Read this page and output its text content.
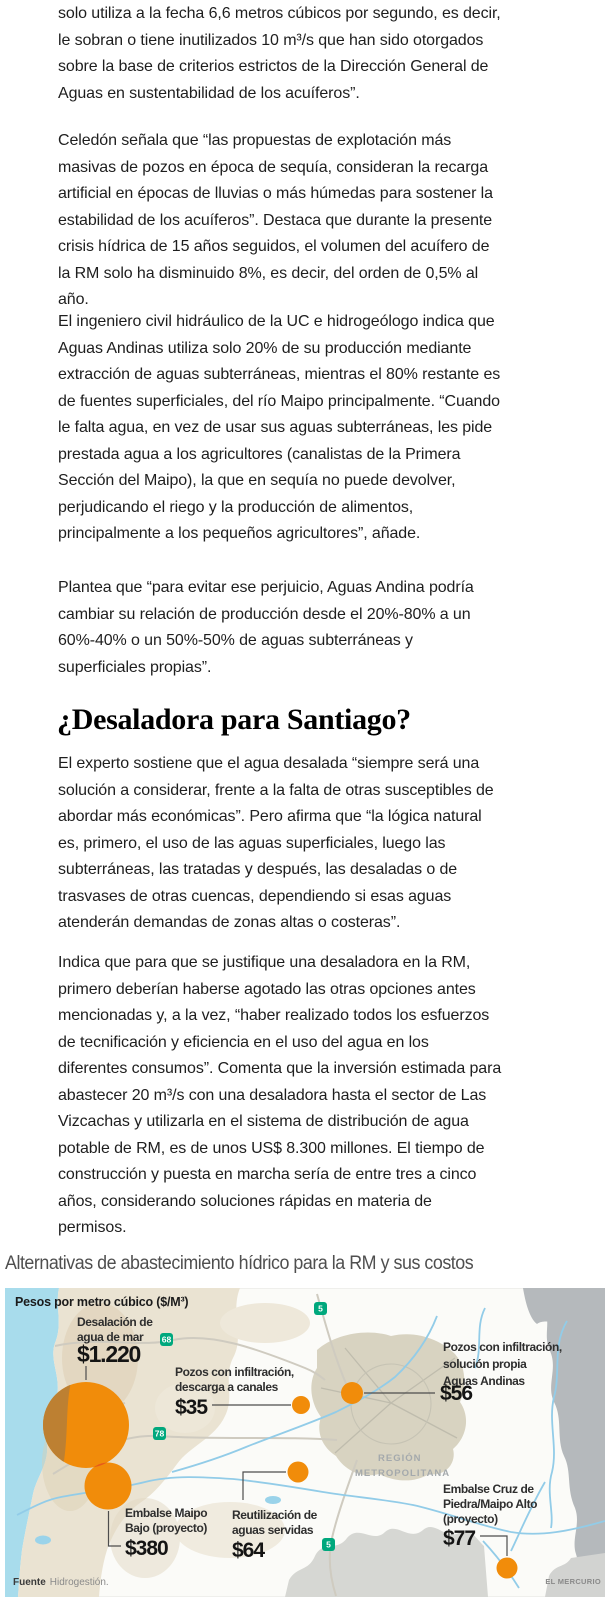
solo utiliza a la fecha 6,6 metros cúbicos por segundo, es decir,
le sobran o tiene inutilizados 10 m³/s que han sido otorgados
sobre la base de criterios estrictos de la Dirección General de
Aguas en sustentabilidad de los acuíferos”.
Celedón señala que “las propuestas de explotación más
masivas de pozos en época de sequía, consideran la recarga
artificial en épocas de lluvias o más húmedas para sostener la
estabilidad de los acuíferos”. Destaca que durante la presente
crisis hídrica de 15 años seguidos, el volumen del acuífero de
la RM solo ha disminuido 8%, es decir, del orden de 0,5% al
año.
El ingeniero civil hidráulico de la UC e hidrogeólogo indica que
Aguas Andinas utiliza solo 20% de su producción mediante
extracción de aguas subterráneas, mientras el 80% restante es
de fuentes superficiales, del río Maipo principalmente. “Cuando
le falta agua, en vez de usar sus aguas subterráneas, les pide
prestada agua a los agricultores (canalistas de la Primera
Sección del Maipo), la que en sequía no puede devolver,
perjudicando el riego y la producción de alimentos,
principalmente a los pequeños agricultores”, añade.
Plantea que “para evitar ese perjuicio, Aguas Andina podría
cambiar su relación de producción desde el 20%-80% a un
60%-40% o un 50%-50% de aguas subterráneas y
superficiales propias”.
¿Desaladora para Santiago?
El experto sostiene que el agua desalada “siempre será una
solución a considerar, frente a la falta de otras susceptibles de
abordar más económicas”. Pero afirma que “la lógica natural
es, primero, el uso de las aguas superficiales, luego las
subterráneas, las tratadas y después, las desaladas o de
trasvases de otras cuencas, dependiendo si esas aguas
atenderán demandas de zonas altas o costeras”.
Indica que para que se justifique una desaladora en la RM,
primero deberían haberse agotado las otras opciones antes
mencionadas y, a la vez, “haber realizado todos los esfuerzos
de tecnificación y eficiencia en el uso del agua en los
diferentes consumos”. Comenta que la inversión estimada para
abastecer 20 m³/s con una desaladora hasta el sector de Las
Vizcachas y utilizarla en el sistema de distribución de agua
potable de RM, es de unos US$ 8.300 millones. El tiempo de
construcción y puesta en marcha sería de entre tres a cinco
años, considerando soluciones rápidas en materia de
permisos.
Alternativas de abastecimiento hídrico para la RM y sus costos
Pesos por metro cúbico ($/M³)
REGIÓN
METROPOLITANA
Desalación de
agua de mar
$1.220
Pozos con infiltración,
descarga a canales
$35
Pozos con infiltración,
solución propia
Aguas Andinas
$56
Embalse Maipo
Bajo (proyecto)
$380
Reutilización de
aguas servidas
$64
Embalse Cruz de
Piedra/Maipo Alto
(proyecto)
$77
68
5
78
5
Fuente Hidrogestión.	EL MERCURIO
